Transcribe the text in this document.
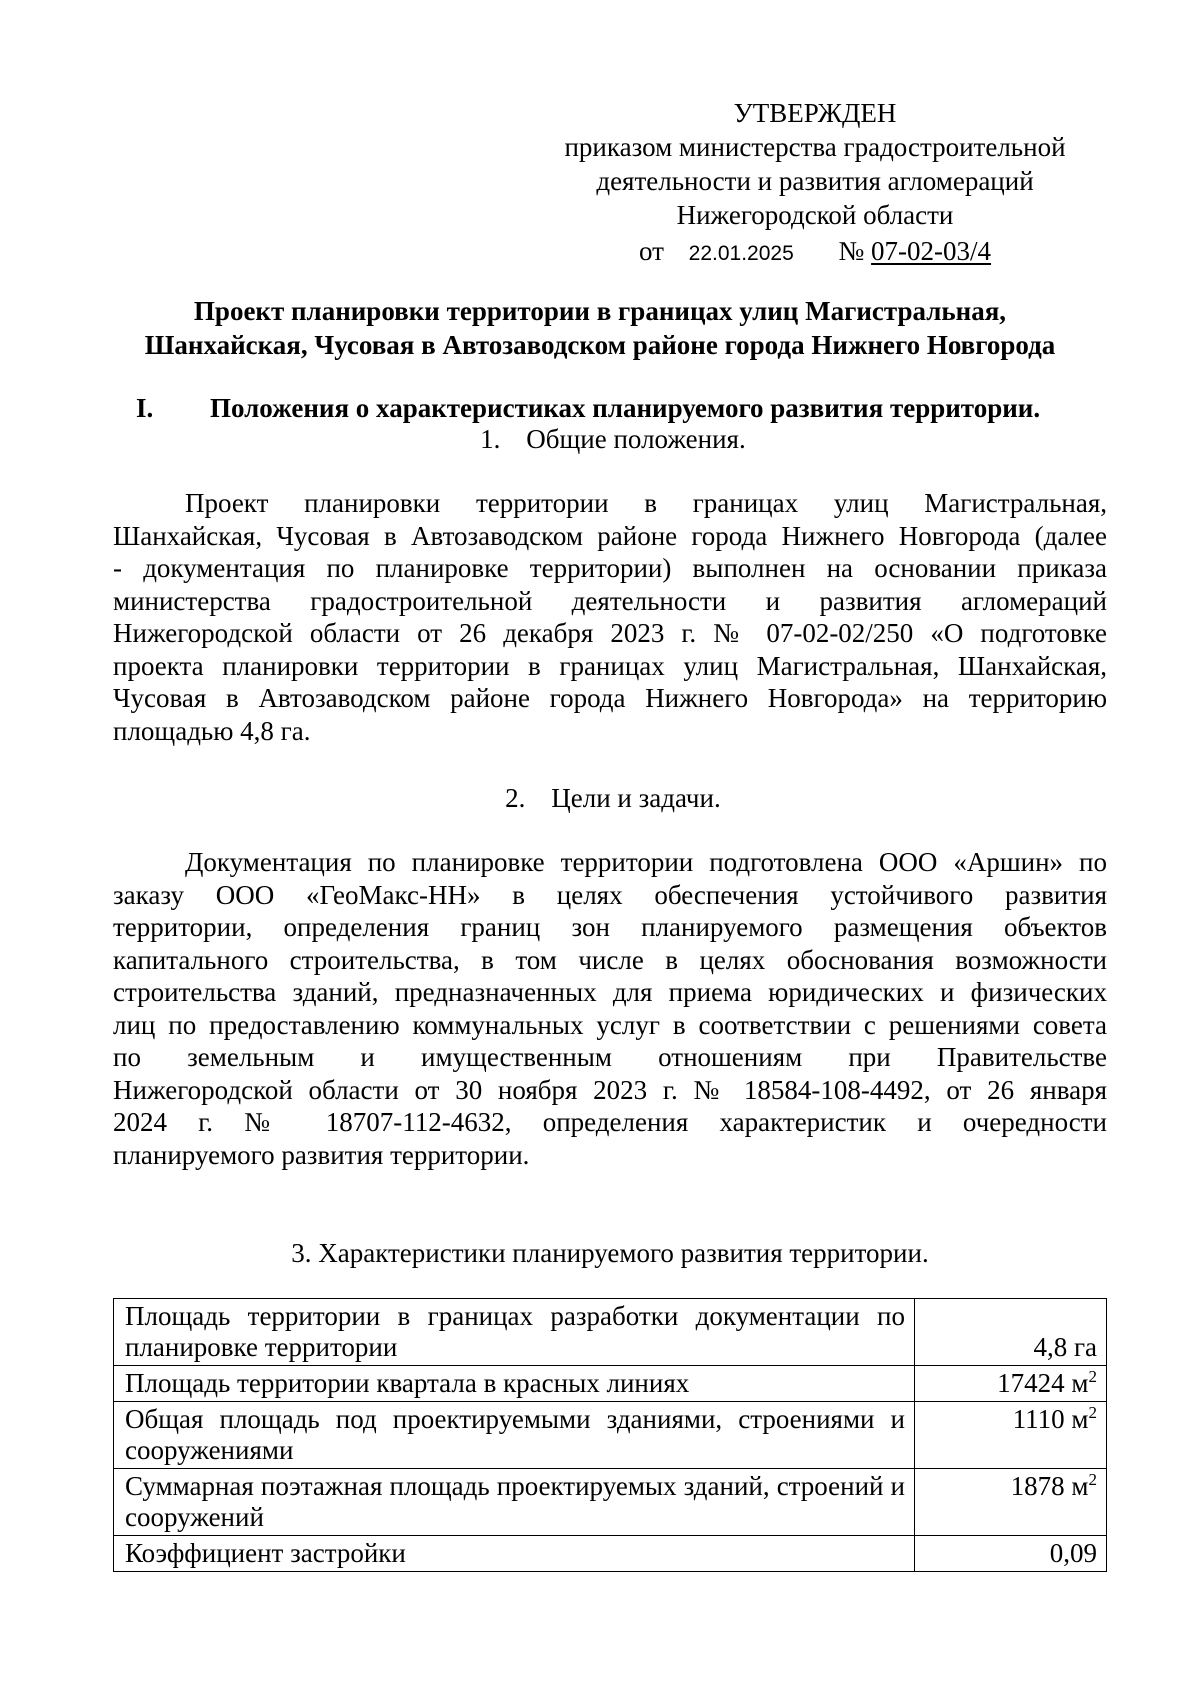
УТВЕРЖДЕН
приказом министерства градостроительной
деятельности и развития агломераций
Нижегородской области
от 22.01.2025 № 07-02-03/4
Проект планировки территории в границах улиц Магистральная,
Шанхайская, Чусовая в Автозаводском районе города Нижнего Новгорода
I. Положения о характеристиках планируемого развития территории.
1. Общие положения.
Проект планировки территории в границах улиц Магистральная,
Шанхайская, Чусовая в Автозаводском районе города Нижнего Новгорода (далее
- документация по планировке территории) выполнен на основании приказа
министерства градостроительной деятельности и развития агломераций
Нижегородской области от 26 декабря 2023 г. № 07-02-02/250 «О подготовке
проекта планировки территории в границах улиц Магистральная, Шанхайская,
Чусовая в Автозаводском районе города Нижнего Новгорода» на территорию
площадью 4,8 га.
2. Цели и задачи.
Документация по планировке территории подготовлена ООО «Аршин» по
заказу ООО «ГеоМакс-НН» в целях обеспечения устойчивого развития
территории, определения границ зон планируемого размещения объектов
капитального строительства, в том числе в целях обоснования возможности
строительства зданий, предназначенных для приема юридических и физических
лиц по предоставлению коммунальных услуг в соответствии с решениями совета
по земельным и имущественным отношениям при Правительстве
Нижегородской области от 30 ноября 2023 г. № 18584-108-4492, от 26 января
2024 г. № 18707-112-4632, определения характеристик и очередности
планируемого развития территории.
3. Характеристики планируемого развития территории.
Площадь территории в границах разработки документации по планировке территории	4,8 га
Площадь территории квартала в красных линиях	17424 $м^2$
Общая площадь под проектируемыми зданиями, строениями и сооружениями	1110 $м^2$
Суммарная поэтажная площадь проектируемых зданий, строений и сооружений	1878 $м^2$
Коэффициент застройки	0,09
